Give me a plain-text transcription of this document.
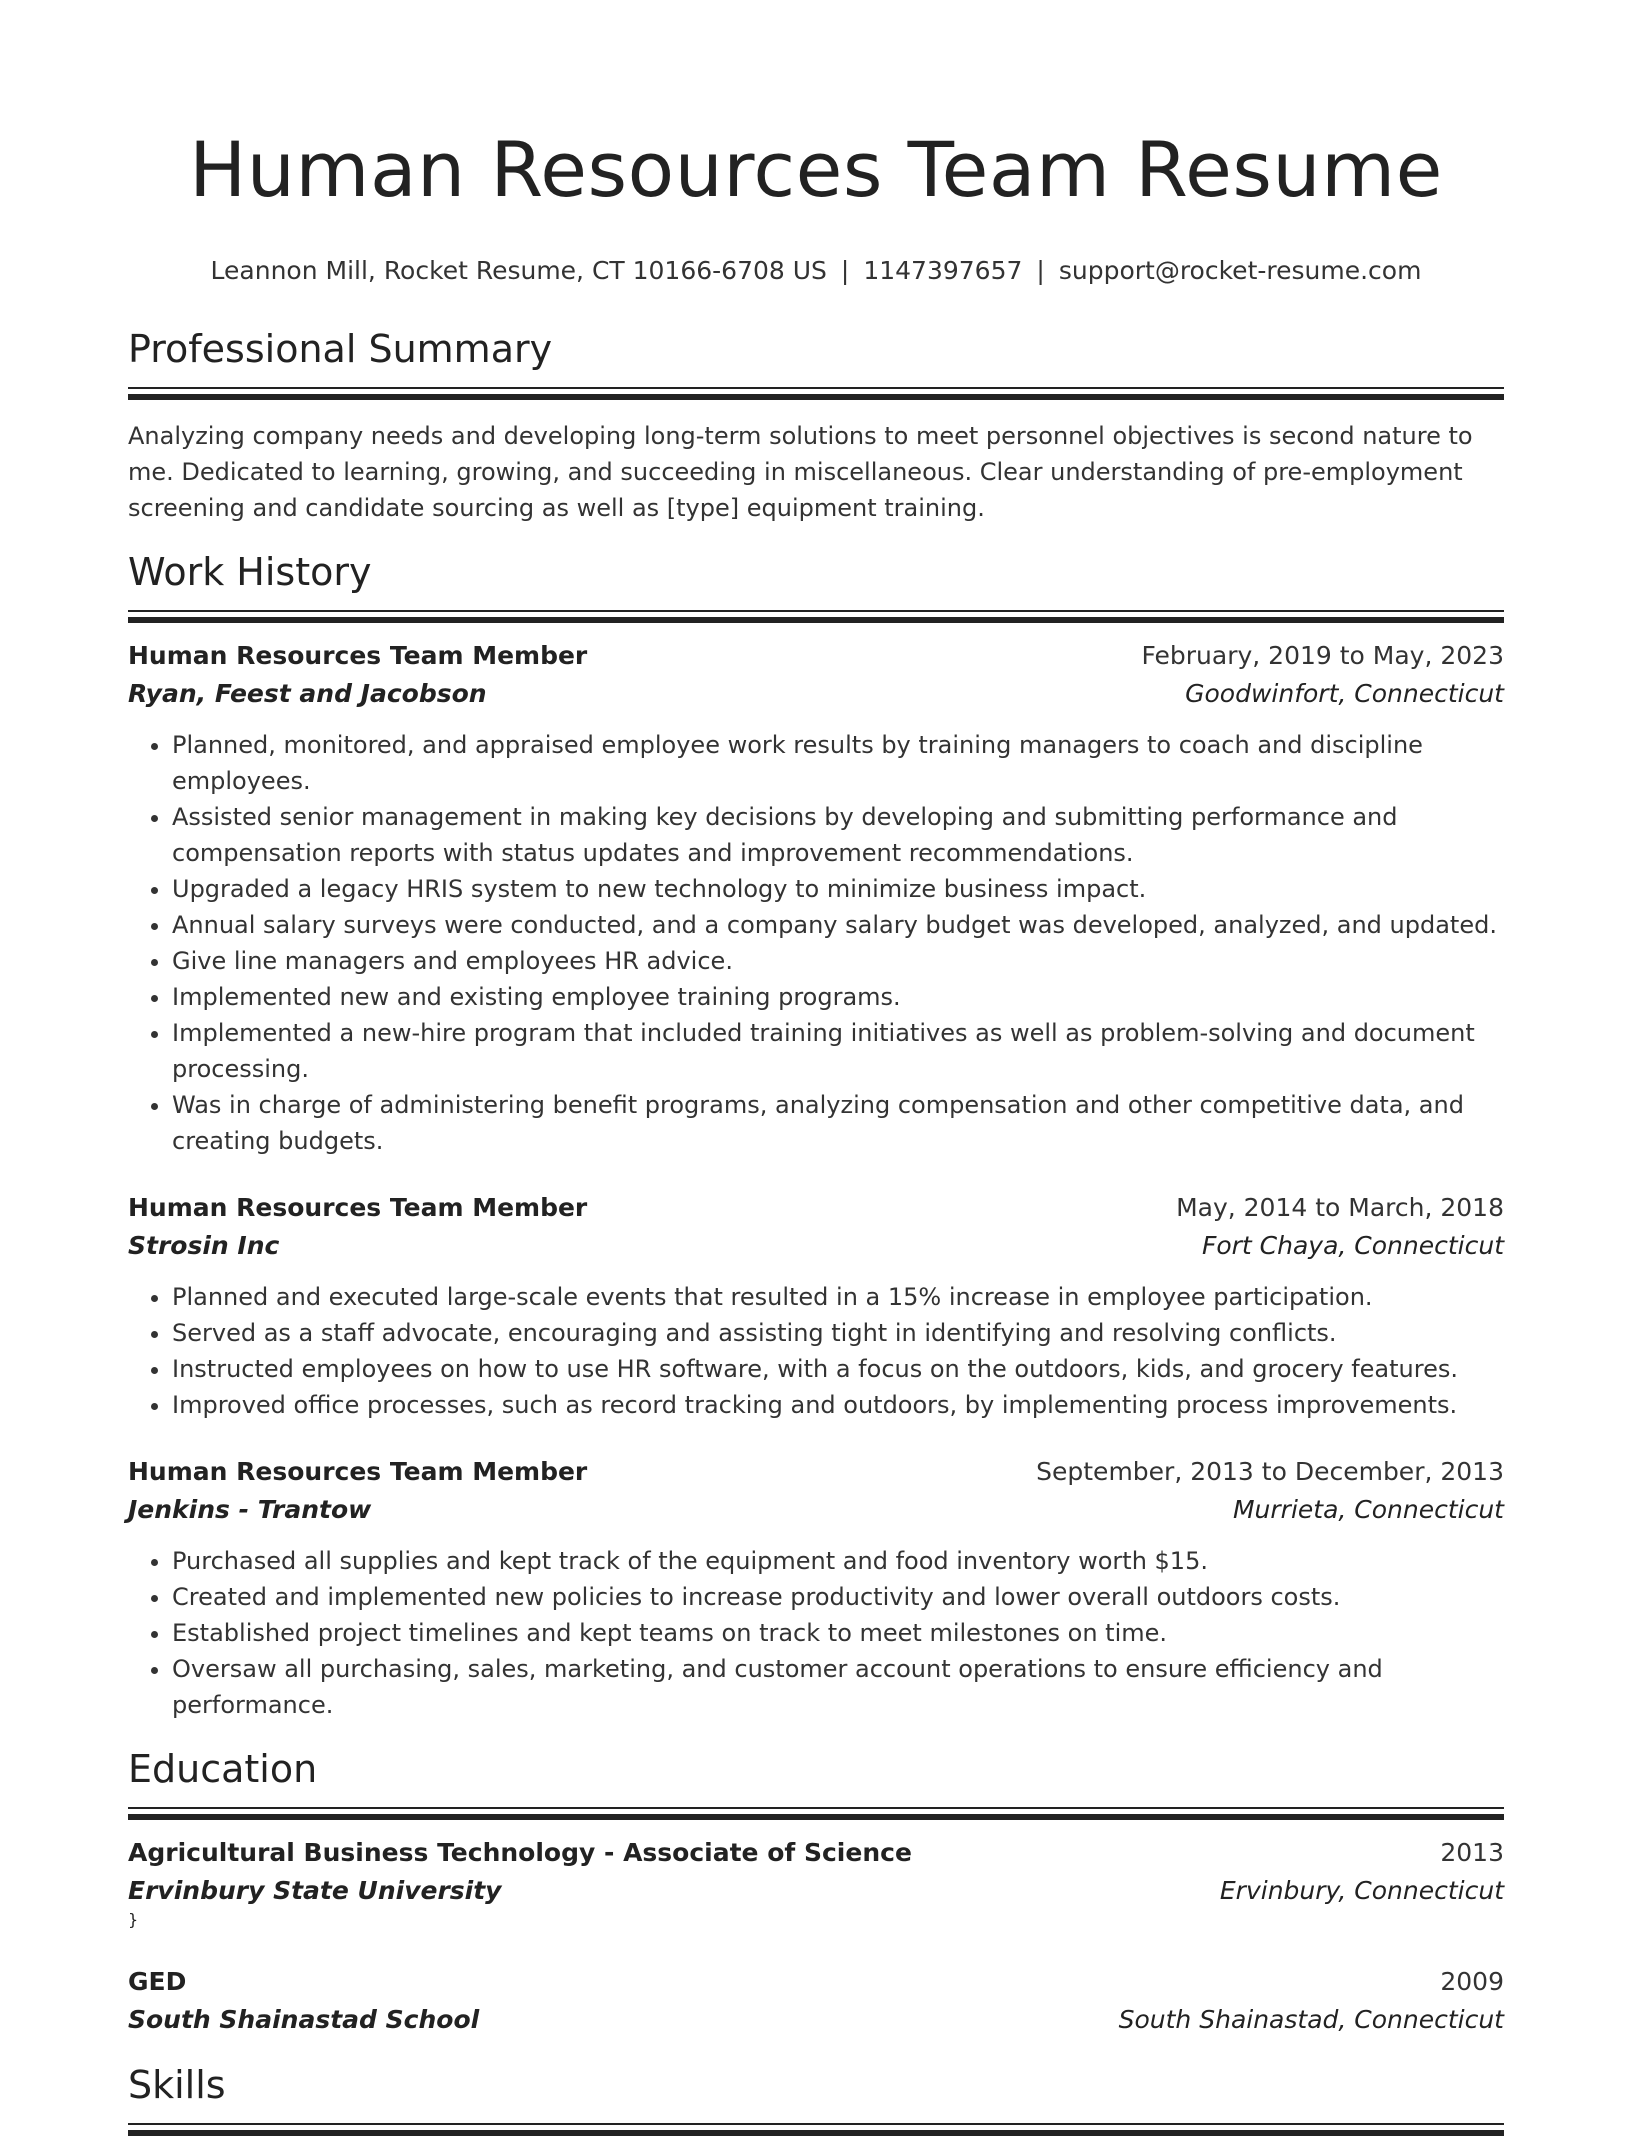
Human Resources Team Resume
Leannon Mill, Rocket Resume, CT 10166-6708 US | 1147397657 | support@rocket-resume.com
Professional Summary

Analyzing company needs and developing long-term solutions to meet personnel objectives is second nature to me. Dedicated to learning, growing, and succeeding in miscellaneous. Clear understanding of pre-employment screening and candidate sourcing as well as [type] equipment training.

Work History
Human Resources Team Member	February, 2019 to May, 2023
Ryan, Feest and Jacobson	Goodwinfort, Connecticut
• Planned, monitored, and appraised employee work results by training managers to coach and discipline employees.
• Assisted senior management in making key decisions by developing and submitting performance and compensation reports with status updates and improvement recommendations.
• Upgraded a legacy HRIS system to new technology to minimize business impact.
• Annual salary surveys were conducted, and a company salary budget was developed, analyzed, and updated.
• Give line managers and employees HR advice.
• Implemented new and existing employee training programs.
• Implemented a new-hire program that included training initiatives as well as problem-solving and document processing.
• Was in charge of administering benefit programs, analyzing compensation and other competitive data, and creating budgets.
Human Resources Team Member	May, 2014 to March, 2018
Strosin Inc	Fort Chaya, Connecticut
• Planned and executed large-scale events that resulted in a 15% increase in employee participation.
• Served as a staff advocate, encouraging and assisting tight in identifying and resolving conflicts.
• Instructed employees on how to use HR software, with a focus on the outdoors, kids, and grocery features.
• Improved office processes, such as record tracking and outdoors, by implementing process improvements.
Human Resources Team Member	September, 2013 to December, 2013
Jenkins - Trantow	Murrieta, Connecticut
• Purchased all supplies and kept track of the equipment and food inventory worth $15.
• Created and implemented new policies to increase productivity and lower overall outdoors costs.
• Established project timelines and kept teams on track to meet milestones on time.
• Oversaw all purchasing, sales, marketing, and customer account operations to ensure efficiency and performance.
Education
Agricultural Business Technology - Associate of Science	2013
Ervinbury State University	Ervinbury, Connecticut
}
GED	2009
South Shainastad School	South Shainastad, Connecticut
Skills
